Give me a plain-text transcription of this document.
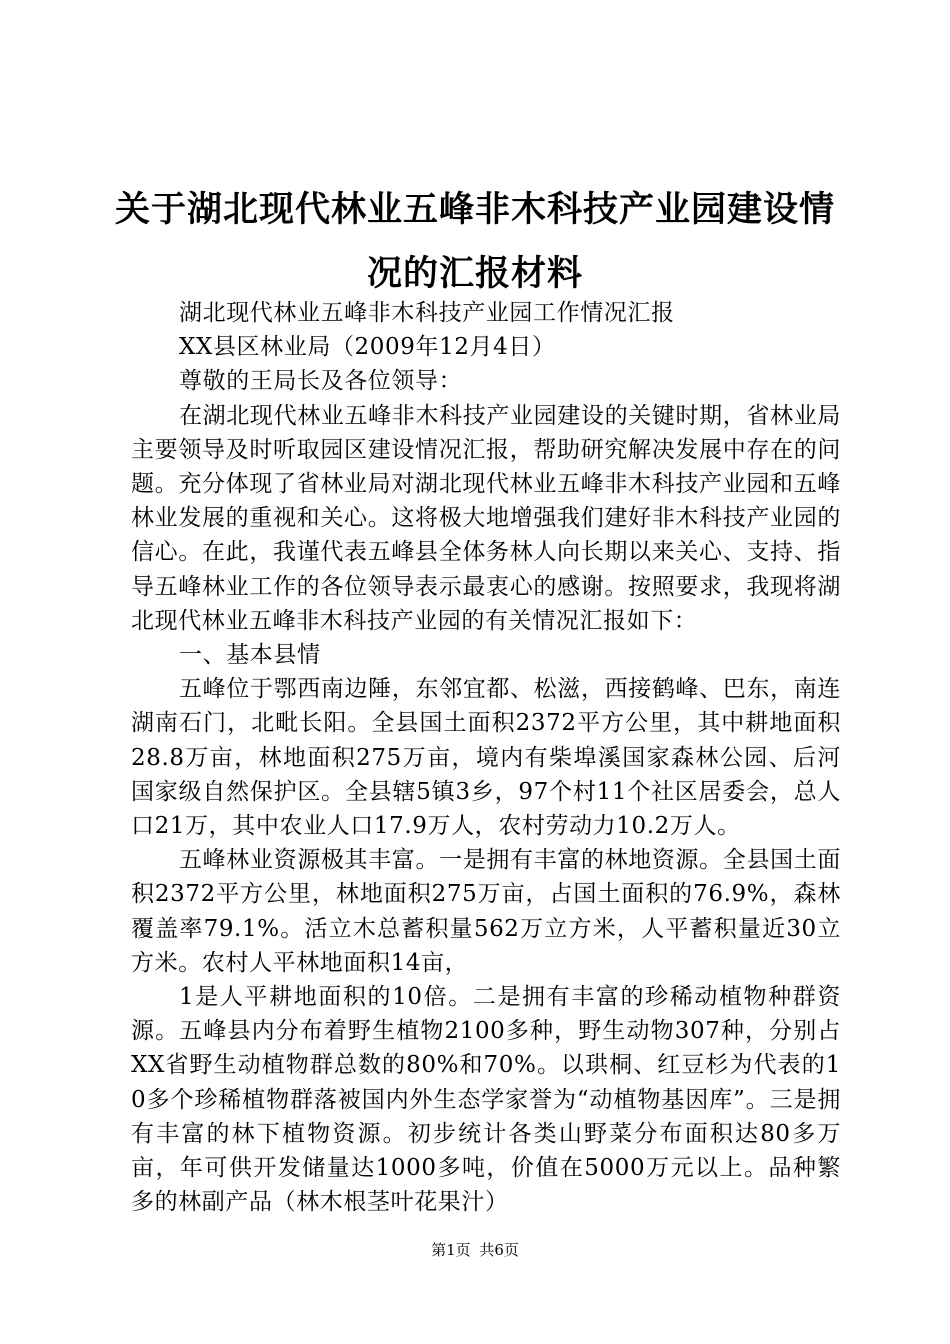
关于湖北现代林业五峰非木科技产业园建设情况的汇报材料

湖北现代林业五峰非木科技产业园工作情况汇报

XX县区林业局（2009年12月4日）

尊敬的王局长及各位领导：

在湖北现代林业五峰非木科技产业园建设的关键时期，省林业局主要领导及时听取园区建设情况汇报，帮助研究解决发展中存在的问题。充分体现了省林业局对湖北现代林业五峰非木科技产业园和五峰林业发展的重视和关心。这将极大地增强我们建好非木科技产业园的信心。在此，我谨代表五峰县全体务林人向长期以来关心、支持、指导五峰林业工作的各位领导表示最衷心的感谢。按照要求，我现将湖北现代林业五峰非木科技产业园的有关情况汇报如下：

一、基本县情

五峰位于鄂西南边陲，东邻宜都、松滋，西接鹤峰、巴东，南连湖南石门，北毗长阳。全县国土面积2372平方公里，其中耕地面积28.8万亩，林地面积275万亩，境内有柴埠溪国家森林公园、后河国家级自然保护区。全县辖5镇3乡，97个村11个社区居委会，总人口21万，其中农业人口17.9万人，农村劳动力10.2万人。

五峰林业资源极其丰富。一是拥有丰富的林地资源。全县国土面积2372平方公里，林地面积275万亩，占国土面积的76.9%，森林覆盖率79.1%。活立木总蓄积量562万立方米，人平蓄积量近30立方米。农村人平林地面积14亩，

1是人平耕地面积的10倍。二是拥有丰富的珍稀动植物种群资源。五峰县内分布着野生植物2100多种，野生动物307种，分别占XX省野生动植物群总数的80%和70%。以珙桐、红豆杉为代表的10多个珍稀植物群落被国内外生态学家誉为“动植物基因库”。三是拥有丰富的林下植物资源。初步统计各类山野菜分布面积达80多万亩，年可供开发储量达1000多吨，价值在5000万元以上。品种繁多的林副产品（林木根茎叶花果汁）

第1页 共6页
